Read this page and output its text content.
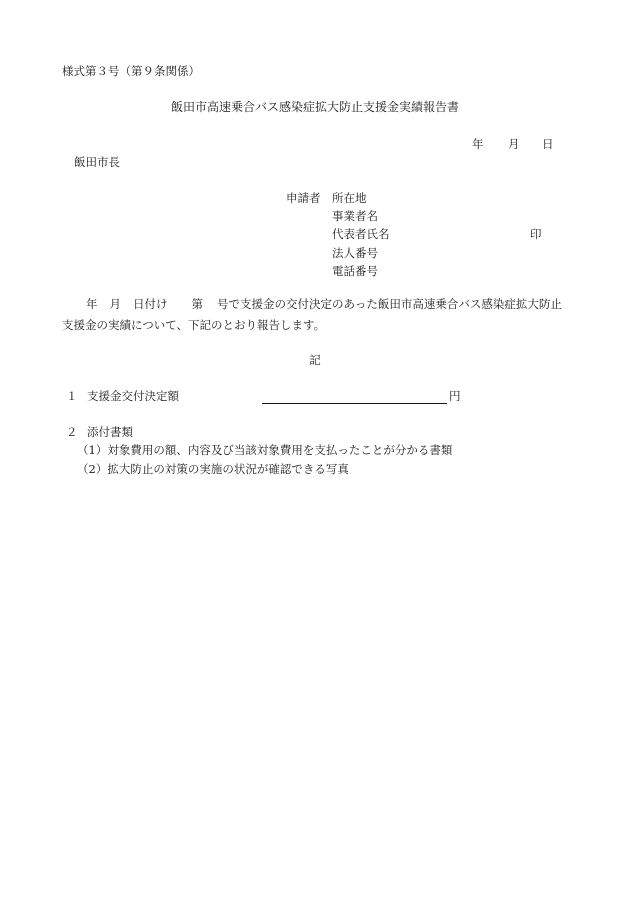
様式第３号（第９条関係）
飯田市高速乗合バス感染症拡大防止支援金実績報告書
年 月 日
飯田市長
申請者 所在地
事業者名
代表者氏名
法人番号
電話番号
印
年 月 日付け 第 号で支援金の交付決定のあった飯田市高速乗合バス感染症拡大防止
支援金の実績について、下記のとおり報告します。
記
１ 支援金交付決定額	円
２ 添付書類
（1）対象費用の額、内容及び当該対象費用を支払ったことが分かる書類
（2）拡大防止の対策の実施の状況が確認できる写真
